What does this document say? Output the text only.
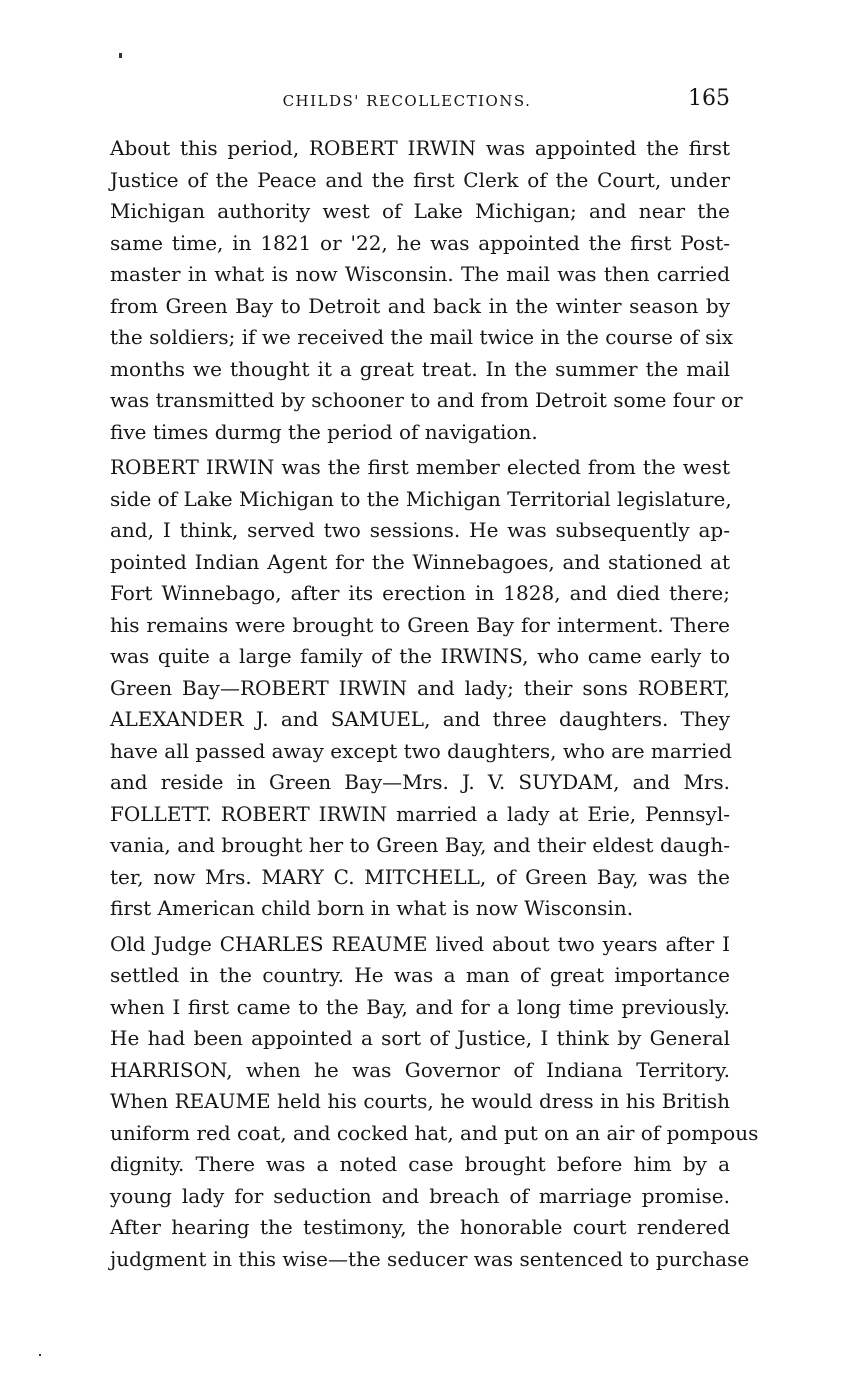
CHILDS' RECOLLECTIONS.	165

About this period, ROBERT IRWIN was appointed the first
Justice of the Peace and the first Clerk of the Court, under
Michigan authority west of Lake Michigan; and near the
same time, in 1821 or '22, he was appointed the first Post-
master in what is now Wisconsin. The mail was then carried
from Green Bay to Detroit and back in the winter season by
the soldiers; if we received the mail twice in the course of six
months we thought it a great treat. In the summer the mail
was transmitted by schooner to and from Detroit some four or
five times durmg the period of navigation.

ROBERT IRWIN was the first member elected from the west
side of Lake Michigan to the Michigan Territorial legislature,
and, I think, served two sessions. He was subsequently ap-
pointed Indian Agent for the Winnebagoes, and stationed at
Fort Winnebago, after its erection in 1828, and died there;
his remains were brought to Green Bay for interment. There
was quite a large family of the IRWINS, who came early to
Green Bay—ROBERT IRWIN and lady; their sons ROBERT,
ALEXANDER J. and SAMUEL, and three daughters. They
have all passed away except two daughters, who are married
and reside in Green Bay—Mrs. J. V. SUYDAM, and Mrs.
FOLLETT. ROBERT IRWIN married a lady at Erie, Pennsyl-
vania, and brought her to Green Bay, and their eldest daugh-
ter, now Mrs. MARY C. MITCHELL, of Green Bay, was the
first American child born in what is now Wisconsin.

Old Judge CHARLES REAUME lived about two years after I
settled in the country. He was a man of great importance
when I first came to the Bay, and for a long time previously.
He had been appointed a sort of Justice, I think by General
HARRISON, when he was Governor of Indiana Territory.
When REAUME held his courts, he would dress in his British
uniform red coat, and cocked hat, and put on an air of pompous
dignity. There was a noted case brought before him by a
young lady for seduction and breach of marriage promise.
After hearing the testimony, the honorable court rendered
judgment in this wise—the seducer was sentenced to purchase
